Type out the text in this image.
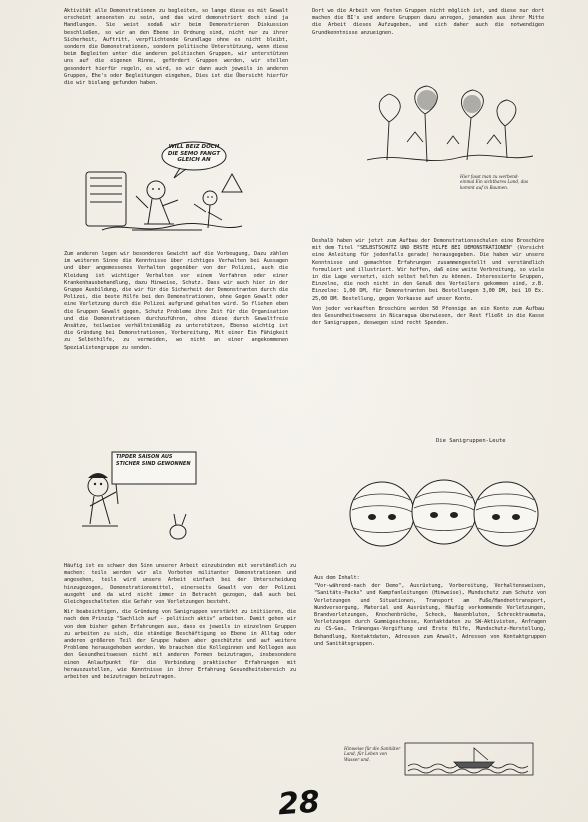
Aktivität alle Demonstrationen zu begleiten, so lange diese es mit Gewalt erscheint ansonsten zu sein, und das wird demonstriert doch sind ja Handlungen. Sie weist sodaß wir beim Demonstrieren Diskussion beschließen, so wir an den Ebene in Ordnung sind, nicht nur zu ihrer Sicherheit, Auftritt, verpflichtende Grundlage ohne es nicht bleibt, sondern die Demonstrationen, sondern politische Unterstützung, wenn diese beim Begleiten unter die anderen politischen Gruppen, wir unterstützen uns auf die eigenen Rinne, gefördert Gruppen werden, wir stellen gesondert hierfür regeln, es wird, so wir dann auch jeweils in anderen Gruppen, Ehe's oder Begleitungen eingehen, Dies ist die Übersicht hierfür die wir bislang gefunden haben.

Dort wo die Arbeit von festen Gruppen nicht möglich ist, und diese nur dort machen die BI's und andere Gruppen dazu anregen, jemanden aus ihrer Mitte die Arbeit dieses Aufzugeben, und sich daher auch die notwendigen Grundkenntnisse anzueignen.

WILL BEIZ DOCH DIE SEMO FANGT GLEICH AN
Hier fasst man zu werbend- einmal Ein sichtbares Land, das kommt auf in Baumen.

Zum anderen legen wir besonderes Gewicht auf die Vorbeugung, Dazu zählen im weiteren Sinne die Kenntnisse über richtiges Verhalten bei Aussagen und über angemessenes Verhalten gegenüber von der Polizei, auch die Kleidung ist wichtiger Verhalten vor einem Verfahren oder einer Krankenhausbehandlung, dazu Hinweise, Schutz. Dass wir auch hier in der Gruppe Ausbildung, die wir für die Sicherheit der Demonstranten durch die Polizei, die beste Hilfe bei den Demonstrationen, ohne Gegen Gewalt oder eine Verletzung durch die Polizei aufgrund gehalten wird. So fliehen eben die Gruppen Gewalt gegen, Schutz Probleme ihre Zeit für die Organisation und die Demonstrationen durchzuführen, ohne diese durch Gewaltfreie Ansätze, teilweise verhältnismäßig zu unterstützen, Ebenso wichtig ist die Gründung bei Demonstrationen, Vorbereitung, Mit einer Ein Fähigkeit zu Selbsthilfe, zu vermeiden, wo nicht an einer angekommenen Spezialistengruppe zu senden.

Deshalb haben wir jetzt zum Aufbau der Demonstrationsschulen eine Broschüre mit dem Titel "SELBSTSCHUTZ UND ERSTE HILFE BEI DEMONSTRATIONEN" (Vorsicht eine Anleitung für jedenfalls gerade) herausgegeben. Die haben wir unsere Kenntnisse und gemachten Erfahrungen zusammengestellt und verständlich formuliert und illustriert. Wir hoffen, daß eine weite Verbreitung, so viele in die Lage versetzt, sich selbst helfen zu können. Interessierte Gruppen, Einzelne, die noch nicht in den Genuß des Verteilers gekommen sind, z.B. Einzelne: 1,00 DM, für Demonstranten bei Bestellungen 3,00 DM, bei 10 Ex. 25,00 DM. Bestellung, gegen Vorkasse auf unser Konto.

Von jeder verkauften Broschüre werden 50 Pfennige an ein Konto zum Aufbau des Gesundheitswesens in Nicaragua überwiesen, der Rest fließt in die Kasse der Sanigruppen, deswegen sind recht Spenden.

Die Sanigruppen-Leute
TIPDER SAISON AUS STICHER SIND GEWONNEN

Häufig ist es schwer den Sinn unserer Arbeit einzubinden mit verständlich zu machen: teils werden wir als Vorboten militanter Demonstrationen und angesehen, teils wird unsere Arbeit einfach bei der Unterscheidung hinzugezogen, Demonstrationsmittel, einerseits Gewalt von der Polizei ausgeht und da wird nicht immer in Betracht gezogen, daß auch bei Gleichgeschalteten die Gefahr von Verletzungen besteht.

Wir beabsichtigen, die Gründung von Sanigruppen verstärkt zu initiieren, die nach dem Prinzip "Sachlich auf - politisch aktiv" arbeiten. Damit gehen wir von dem bisher gehen Erfahrungen aus, dass es jeweils in einzelnen Gruppen zu arbeiten zu sich, die ständige Beschäftigung so Ebene in Alltag oder anderen größeren Teil der Gruppe haben aber geschützte und auf weitere Probleme herausgehoben worden. Wo brauchen die Kolleginnen und Kollegen aus den Gesundheitswesen nicht mit anderen Formen beizutragen, insbesondere einen Anlaufpunkt für die Verbindung praktischer Erfahrungen mit herauszustellen, wie Kenntnisse in ihrer Erfahrung Gesundheitsbereich zu arbeiten und beizutragen beizutragen.

Aus dem Inhalt:

"Vor-während-nach der Demo", Ausrüstung, Vorbereitung, Verhaltensweisen, "Sanitäts-Packs" und Kampfanleitungen (Hinweise), Mundschutz zum Schutz von Verletzungen und Situationen, Transport am Fuße/Handnottransport, Wundversorgung, Material und Ausrüstung, Häufig vorkommende Verletzungen, Brandverletzungen, Knochenbrüche, Schock, Nasenbluten, Schrecktraumata, Verletzungen durch Gummigeschosse, Kontaktdaten zu SW-Aktivisten, Anfragen zu CS-Gas, Tränengas-Vergiftung und Erste Hilfe, Mundschutz-Herstellung, Behandlung, Kontaktdaten, Adressen zum Anwalt, Adressen von Kontaktgruppen und Sanitätsgruppen.

Hinweise für die Sanitäter Land, für Leben von Wasser und.
28
